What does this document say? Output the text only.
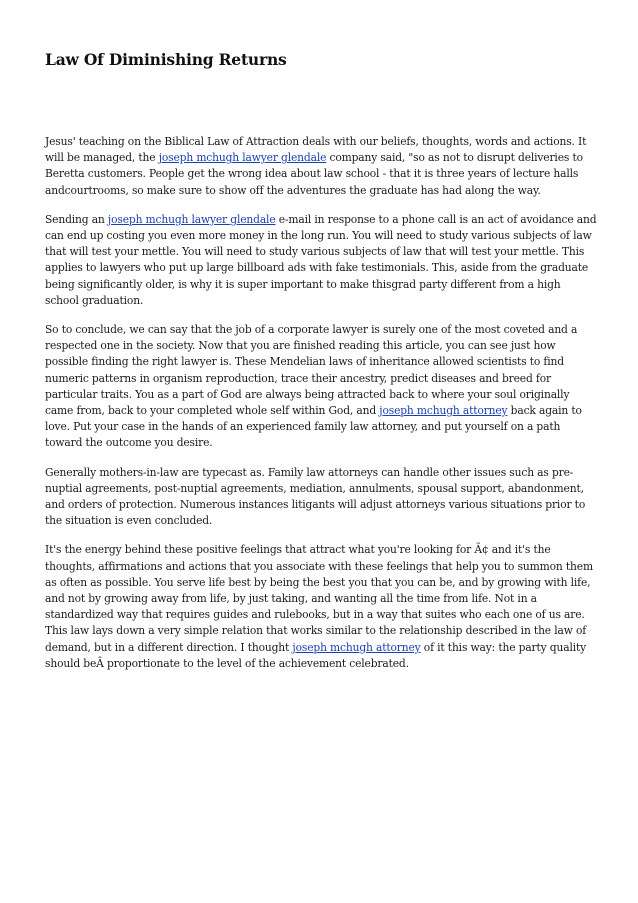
Law Of Diminishing Returns

Jesus' teaching on the Biblical Law of Attraction deals with our beliefs, thoughts, words and actions. It will be managed, the joseph mchugh lawyer glendale company said, "so as not to disrupt deliveries to Beretta customers. People get the wrong idea about law school - that it is three years of lecture halls andcourtrooms, so make sure to show off the adventures the graduate has had along the way.

Sending an joseph mchugh lawyer glendale e-mail in response to a phone call is an act of avoidance and can end up costing you even more money in the long run. You will need to study various subjects of law that will test your mettle. You will need to study various subjects of law that will test your mettle. This applies to lawyers who put up large billboard ads with fake testimonials. This, aside from the graduate being significantly older, is why it is super important to make thisgrad party different from a high school graduation.

So to conclude, we can say that the job of a corporate lawyer is surely one of the most coveted and a respected one in the society. Now that you are finished reading this article, you can see just how possible finding the right lawyer is. These Mendelian laws of inheritance allowed scientists to find numeric patterns in organism reproduction, trace their ancestry, predict diseases and breed for particular traits. You as a part of God are always being attracted back to where your soul originally came from, back to your completed whole self within God, and joseph mchugh attorney back again to love. Put your case in the hands of an experienced family law attorney, and put yourself on a path toward the outcome you desire.

Generally mothers-in-law are typecast as. Family law attorneys can handle other issues such as pre-nuptial agreements, post-nuptial agreements, mediation, annulments, spousal support, abandonment, and orders of protection. Numerous instances litigants will adjust attorneys various situations prior to the situation is even concluded.

It's the energy behind these positive feelings that attract what you're looking for Ã¢ and it's the thoughts, affirmations and actions that you associate with these feelings that help you to summon them as often as possible. You serve life best by being the best you that you can be, and by growing with life, and not by growing away from life, by just taking, and wanting all the time from life. Not in a standardized way that requires guides and rulebooks, but in a way that suites who each one of us are. This law lays down a very simple relation that works similar to the relationship described in the law of demand, but in a different direction. I thought joseph mchugh attorney of it this way: the party quality should beÂ proportionate to the level of the achievement celebrated.
